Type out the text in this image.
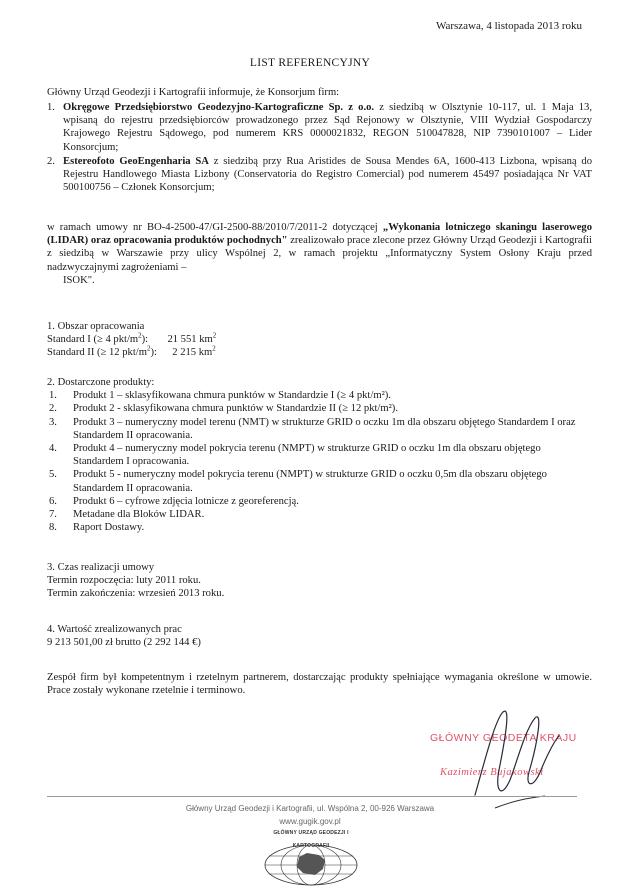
Warszawa, 4 listopada 2013 roku
LIST REFERENCYJNY
Główny Urząd Geodezji i Kartografii informuje, że Konsorjum firm:
1. Okręgowe Przedsiębiorstwo Geodezyjno-Kartograficzne Sp. z o.o. z siedzibą w Olsztynie 10-117, ul. 1 Maja 13, wpisaną do rejestru przedsiębiorców prowadzonego przez Sąd Rejonowy w Olsztynie, VIII Wydział Gospodarczy Krajowego Rejestru Sądowego, pod numerem KRS 0000021832, REGON 510047828, NIP 7390101007 – Lider Konsorcjum;
2. Estereofoto GeoEngenharia SA z siedzibą przy Rua Aristides de Sousa Mendes 6A, 1600-413 Lizbona, wpisaną do Rejestru Handlowego Miasta Lizbony (Conservatoria do Registro Comercial) pod numerem 45497 posiadająca Nr VAT 500100756 – Członek Konsorcjum;
w ramach umowy nr BO-4-2500-47/GI-2500-88/2010/7/2011-2 dotyczącej „Wykonania lotniczego skaningu laserowego (LIDAR) oraz opracowania produktów pochodnych" zrealizowało prace zlecone przez Główny Urząd Geodezji i Kartografii z siedzibą w Warszawie przy ulicy Wspólnej 2, w ramach projektu „Informatyczny System Osłony Kraju przed nadzwyczajnymi zagrożeniami –
ISOK".
1. Obszar opracowania
Standard I (≥ 4 pkt/$m^2$): 21 551 $km^2$
Standard II (≥ 12 pkt/$m^2$): 2 215 $km^2$
2. Dostarczone produkty:
1. Produkt 1 – sklasyfikowana chmura punktów w Standardzie I (≥ 4 pkt/m²).
2. Produkt 2 - sklasyfikowana chmura punktów w Standardzie II (≥ 12 pkt/m²).
3. Produkt 3 – numeryczny model terenu (NMT) w strukturze GRID o oczku 1m dla obszaru objętego Standardem I oraz Standardem II opracowania.
4. Produkt 4 – numeryczny model pokrycia terenu (NMPT) w strukturze GRID o oczku 1m dla obszaru objętego Standardem I opracowania.
5. Produkt 5 - numeryczny model pokrycia terenu (NMPT) w strukturze GRID o oczku 0,5m dla obszaru objętego Standardem II opracowania.
6. Produkt 6 – cyfrowe zdjęcia lotnicze z georeferencją.
7. Metadane dla Bloków LIDAR.
8. Raport Dostawy.
3. Czas realizacji umowy
Termin rozpoczęcia: luty 2011 roku.
Termin zakończenia: wrzesień 2013 roku.
4. Wartość zrealizowanych prac
9 213 501,00 zł brutto (2 292 144 €)
Zespół firm był kompetentnym i rzetelnym partnerem, dostarczając produkty spełniające wymagania określone w umowie. Prace zostały wykonane rzetelnie i terminowo.
GŁÓWNY GEODETA KRAJU
Kazimierz Bujakowski
Główny Urząd Geodezji i Kartografii, ul. Wspólna 2, 00-926 Warszawa
www.gugik.gov.pl
GŁÓWNY URZĄD GEODEZJI I KARTOGRAFII
